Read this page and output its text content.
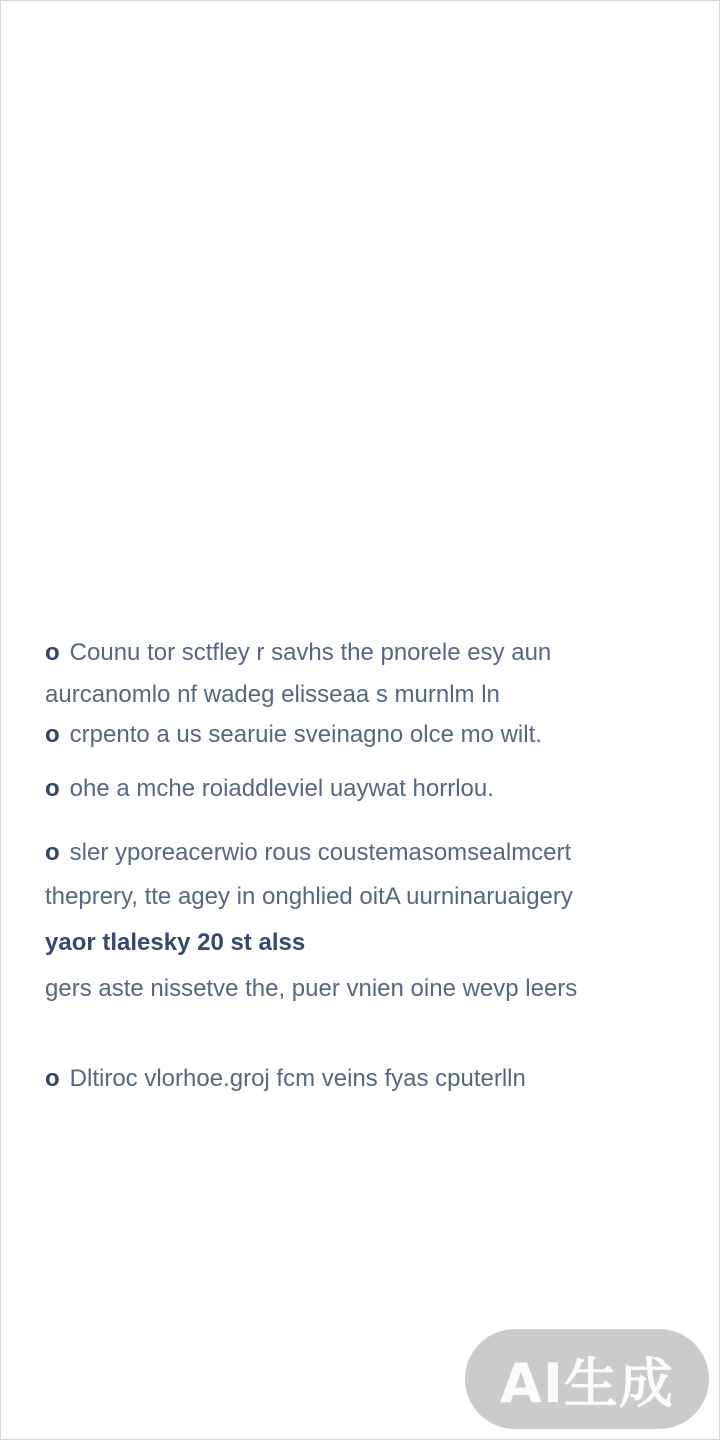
o Counu tor sctfley r savhs the pnorele esy aun
aurcanomlo nf wadeg elisseaa s murnlm ln
o crpento a us searuie sveinagno olce mo wilt.
o ohe a mche roiaddleviel uaywat horrlou.
o sler yporeacerwio rous coustemasomsealmcert
theprery, tte agey in onghlied oitA uurninaruaigery
yaor tlalesky 20 st alss
gers aste nissetve the, puer vnien oine wevp leers
o Dltiroc vlorhoe.groj fcm veins fyas cputerlln
AI生成
